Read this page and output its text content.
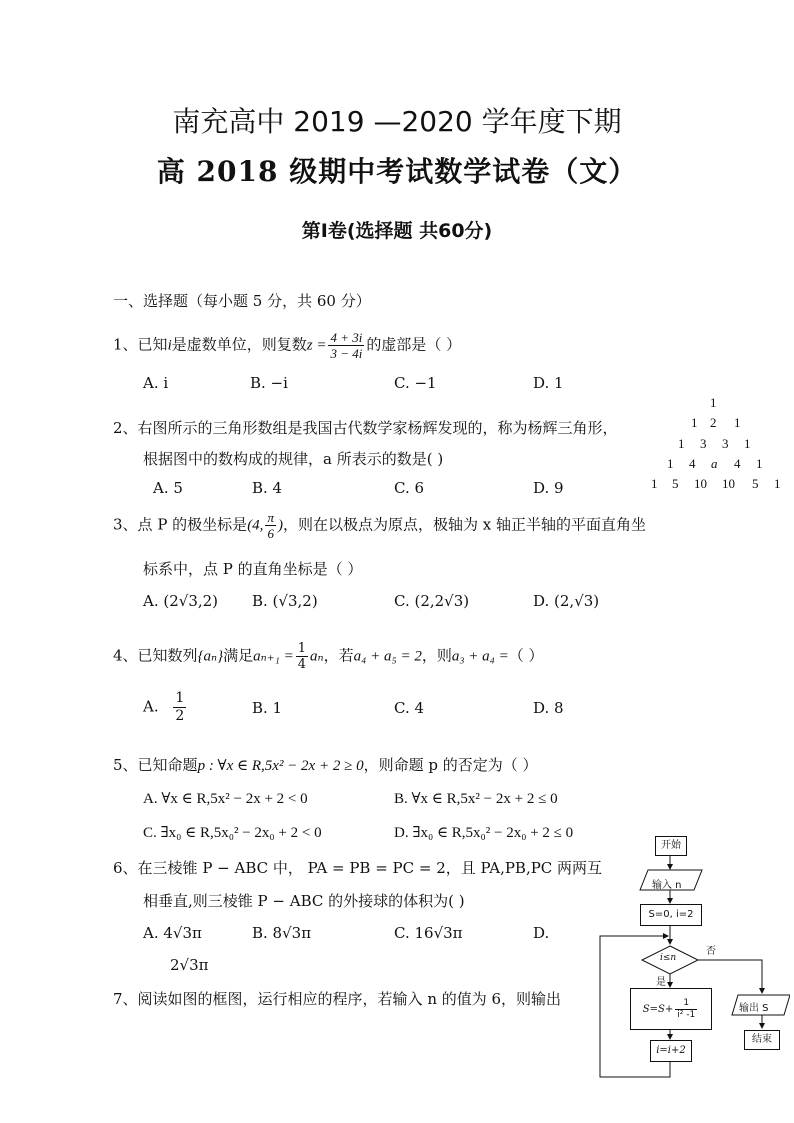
南充高中 2019 —2020 学年度下期
高 2018 级期中考试数学试卷（文）
第I卷(选择题 共60分)
一、选择题（每小题 5 分，共 60 分）
1、已知i是虚数单位，则复数$z = \frac{4 + 3i}{3 - 4i}$ 的虚部是（ ）
A. i	B. −i	C. −1	D. 1
2、右图所示的三角形数组是我国古代数学家杨辉发现的，称为杨辉三角形，
根据图中的数构成的规律，a 所表示的数是( )
A. 5	B. 4	C. 6	D. 9
1
1 2 1
1 3 3 1
1 4 a 4 1
1 5 10 10 5 1
3、点 P 的极坐标是(4, $\frac{\pi}{6}$ )，则在以极点为原点，极轴为 x 轴正半轴的平面直角坐
标系中，点 P 的直角坐标是（ ）
A. (2√3,2) B. (√3,2)	C. (2,2√3)	D. (2,√3)
4、已知数列{aₙ}满足$a_{n+1} = \frac{1}{4}$ aₙ，若a₄ + a₅ = 2，则a₃ + a₄ =（ ）
A. $\frac{1}{2}$	B. 1	C. 4	D. 8
5、已知命题p : ∀x ∈ R,5x² − 2x + 2 ≥ 0，则命题 p 的否定为（ ）
A. ∀x ∈ R,5x² − 2x + 2 < 0	B. ∀x ∈ R,5x² − 2x + 2 ≤ 0
C. ∃x₀ ∈ R,5x₀² − 2x₀ + 2 < 0	D. ∃x₀ ∈ R,5x₀² − 2x₀ + 2 ≤ 0
6、在三棱锥 P − ABC 中， PA = PB = PC = 2，且 PA,PB,PC 两两互
相垂直,则三棱锥 P − ABC 的外接球的体积为( )
A. 4√3π	B. 8√3π	C. 16√3π	D.
2√3π
7、阅读如图的框图，运行相应的程序，若输入 n 的值为 6，则输出
开始
输入 n
S=0, i=2
i≤n
否
是
$S=S+ \frac{1}{\text{i² -1}}$
i=i+2
输出 S
结束
